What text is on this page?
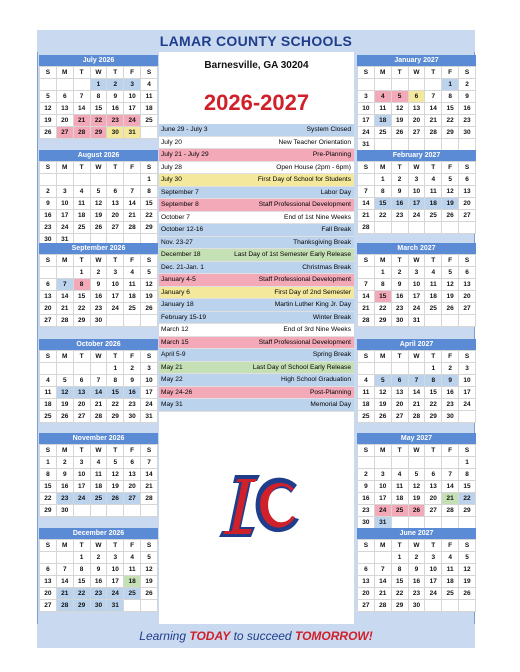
LAMAR COUNTY SCHOOLS
Barnesville, GA 30204
2026-2027
June 29 - July 3	System Closed
July 20	New Teacher Orientation
July 21 - July 29	Pre-Planning
July 28	Open House (2pm - 6pm)
July 30	First Day of School for Students
September 7	Labor Day
September 8	Staff Professional Development
October 7	End of 1st Nine Weeks
October 12-16	Fall Break
Nov. 23-27	Thanksgiving Break
December 18	Last Day of 1st Semester Early Release
Dec. 21-Jan. 1	Christmas Break
January 4-5	Staff Professional Development
January 6	First Day of 2nd Semester
January 18	Martin Luther King Jr. Day
February 15-19	Winter Break
March 12	End of 3rd Nine Weeks
March 15	Staff Professional Development
April 5-9	Spring Break
May 21	Last Day of School Early Release
May 22	High School Graduation
May 24-26	Post-Planning
May 31	Memorial Day
July 2026
S	M	T	W	T	F	S
			1	2	3	4
5	6	7	8	9	10	11
12	13	14	15	16	17	18
19	20	21	22	23	24	25
26	27	28	29	30	31	
August 2026
S	M	T	W	T	F	S
						1
2	3	4	5	6	7	8
9	10	11	12	13	14	15
16	17	18	19	20	21	22
23	24	25	26	27	28	29
30	31					
September 2026
S	M	T	W	T	F	S
		1	2	3	4	5
6	7	8	9	10	11	12
13	14	15	16	17	18	19
20	21	22	23	24	25	26
27	28	29	30			
October 2026
S	M	T	W	T	F	S
				1	2	3
4	5	6	7	8	9	10
11	12	13	14	15	16	17
18	19	20	21	22	23	24
25	26	27	28	29	30	31
November 2026
S	M	T	W	T	F	S
1	2	3	4	5	6	7
8	9	10	11	12	13	14
15	16	17	18	19	20	21
22	23	24	25	26	27	28
29	30					
December 2026
S	M	T	W	T	F	S
		1	2	3	4	5
6	7	8	9	10	11	12
13	14	15	16	17	18	19
20	21	22	23	24	25	26
27	28	29	30	31		
January 2027
S	M	T	W	T	F	S
					1	2
3	4	5	6	7	8	9
10	11	12	13	14	15	16
17	18	19	20	21	22	23
24	25	26	27	28	29	30
31						
February 2027
S	M	T	W	T	F	S
	1	2	3	4	5	6
7	8	9	10	11	12	13
14	15	16	17	18	19	20
21	22	23	24	25	26	27
28						
March 2027
S	M	T	W	T	F	S
	1	2	3	4	5	6
7	8	9	10	11	12	13
14	15	16	17	18	19	20
21	22	23	24	25	26	27
28	29	30	31			
April 2027
S	M	T	W	T	F	S
				1	2	3
4	5	6	7	8	9	10
11	12	13	14	15	16	17
18	19	20	21	22	23	24
25	26	27	28	29	30	
May 2027
S	M	T	W	T	F	S
						1
2	3	4	5	6	7	8
9	10	11	12	13	14	15
16	17	18	19	20	21	22
23	24	25	26	27	28	29
30	31					
June 2027
S	M	T	W	T	F	S
		1	2	3	4	5
6	7	8	9	10	11	12
13	14	15	16	17	18	19
20	21	22	23	24	25	26
27	28	29	30			
Learning TODAY to succeed TOMORROW!
